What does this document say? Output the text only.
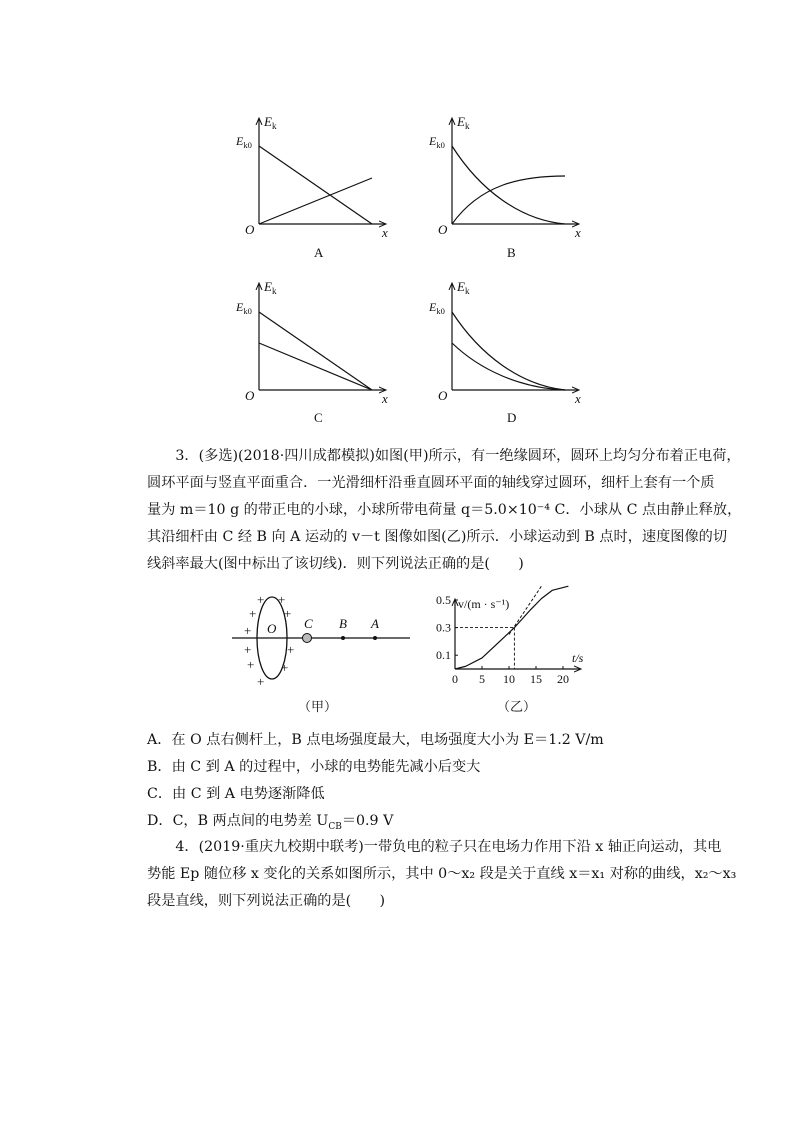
$E_k$
$E_{k0}$
O	x
A
$E_k$
$E_{k0}$
O	x
B
$E_k$
$E_{k0}$
O	x
C
$E_k$
$E_{k0}$
O	x
D
3．(多选)(2018·四川成都模拟)如图(甲)所示，有一绝缘圆环，圆环上均匀分布着正电荷，
圆环平面与竖直平面重合．一光滑细杆沿垂直圆环平面的轴线穿过圆环，细杆上套有一个质
量为 m＝10 g 的带正电的小球，小球所带电荷量 q＝5.0×10⁻⁴ C．小球从 C 点由静止释放，
其沿细杆由 C 经 B 向 A 运动的 v－t 图像如图(乙)所示．小球运动到 B 点时，速度图像的切
线斜率最大(图中标出了该切线)．则下列说法正确的是(　　)
+ +
+ +
+
+	+
+ +
+
O C B A
（甲）
0.1
0.3
0.5
0 5 10 15 20
v/(m · s⁻¹)
t/s
（乙）
A．在 O 点右侧杆上，B 点电场强度最大，电场强度大小为 E＝1.2 V/m
B．由 C 到 A 的过程中，小球的电势能先减小后变大
C．由 C 到 A 电势逐渐降低
D．C，B 两点间的电势差 $U_{CB}=0.9$ V
4．(2019·重庆九校期中联考)一带负电的粒子只在电场力作用下沿 x 轴正向运动，其电
势能 Ep 随位移 x 变化的关系如图所示，其中 0～x₂ 段是关于直线 x＝x₁ 对称的曲线，x₂～x₃
段是直线，则下列说法正确的是(　　)
